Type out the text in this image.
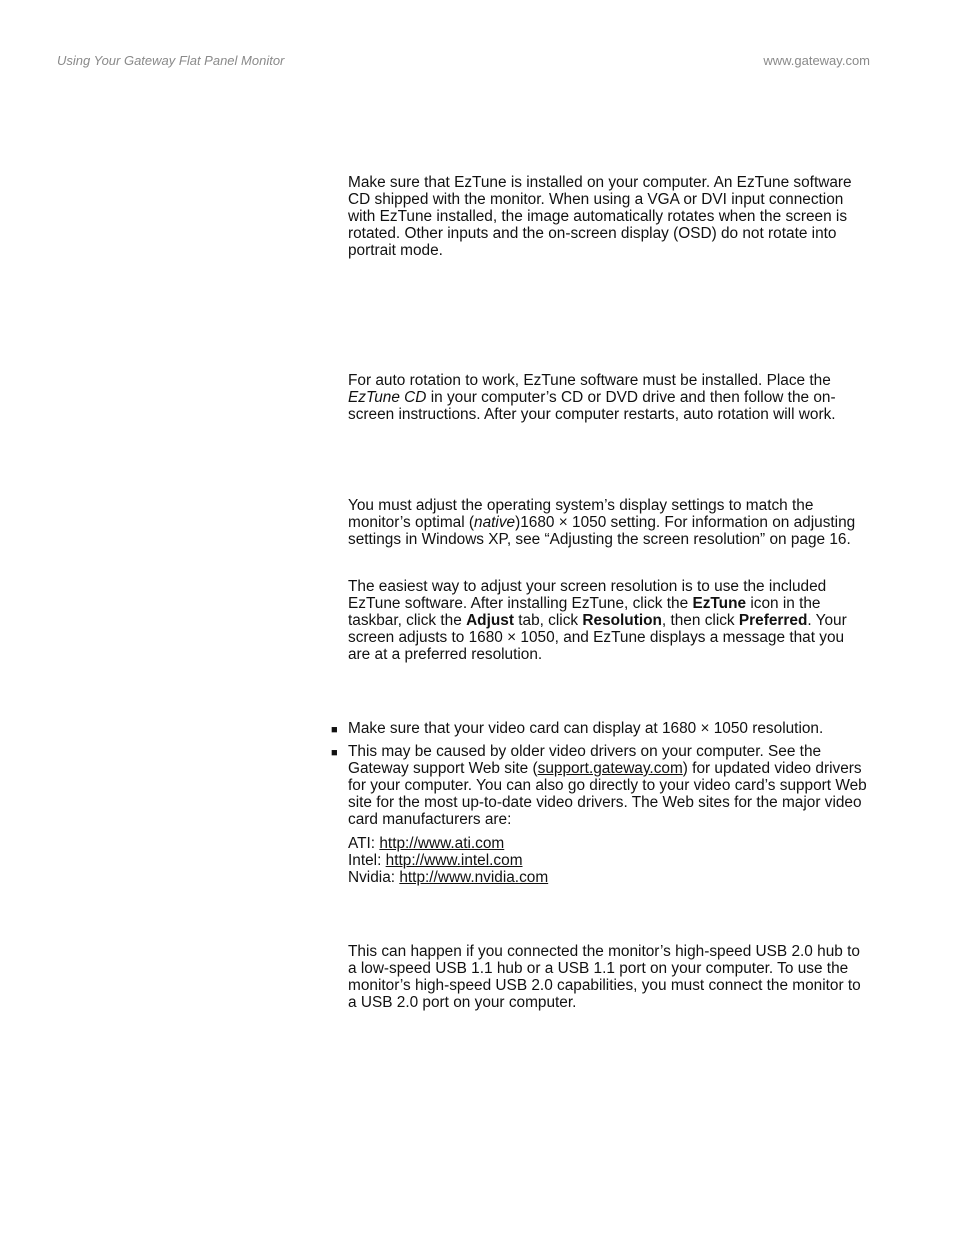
Using Your Gateway Flat Panel Monitor	www.gateway.com

Make sure that EzTune is installed on your computer. An EzTune software CD shipped with the monitor. When using a VGA or DVI input connection with EzTune installed, the image automatically rotates when the screen is rotated. Other inputs and the on-screen display (OSD) do not rotate into portrait mode.

For auto rotation to work, EzTune software must be installed. Place the EzTune CD in your computer’s CD or DVD drive and then follow the on-screen instructions. After your computer restarts, auto rotation will work.

You must adjust the operating system’s display settings to match the monitor’s optimal (native)1680 × 1050 setting. For information on adjusting settings in Windows XP, see “Adjusting the screen resolution” on page 16.

The easiest way to adjust your screen resolution is to use the included EzTune software. After installing EzTune, click the EzTune icon in the taskbar, click the Adjust tab, click Resolution, then click Preferred. Your screen adjusts to 1680 × 1050, and EzTune displays a message that you are at a preferred resolution.

■ Make sure that your video card can display at 1680 × 1050 resolution.

■ This may be caused by older video drivers on your computer. See the Gateway support Web site (support.gateway.com) for updated video drivers for your computer. You can also go directly to your video card’s support Web site for the most up-to-date video drivers. The Web sites for the major video card manufacturers are:

ATI: http://www.ati.com
Intel: http://www.intel.com
Nvidia: http://www.nvidia.com

This can happen if you connected the monitor’s high-speed USB 2.0 hub to a low-speed USB 1.1 hub or a USB 1.1 port on your computer. To use the monitor’s high-speed USB 2.0 capabilities, you must connect the monitor to a USB 2.0 port on your computer.
